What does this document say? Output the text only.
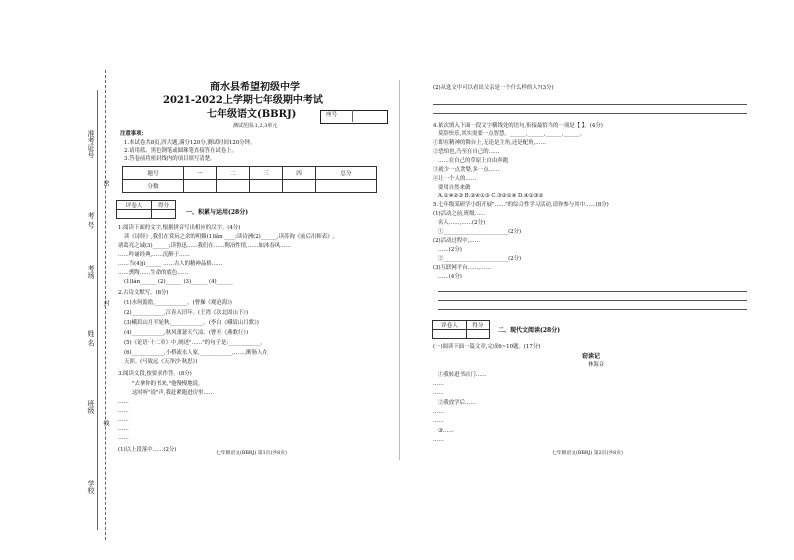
准考证号
考 号
考场
姓 名
班级
学校
密
封
线
商水县希望初级中学
2021-2022上学期七年级期中考试
七年级语文(BBRJ)	座号
测试范围:1,2,3单元
注意事项:
1.本试卷共8页,四大题,满分120分,测试时间120分钟。
2.请用蓝、黑色钢笔或圆珠笔直接答在试卷上。
3.答卷前将密封线内的项目填写清楚。
题号	一	二	三	四	总分
分数					
评卷人	得分

一、积累与运用(28分)
1.阅读下面的文字,根据拼音写出相应的汉字。(4分)
读《诗经》,我们在赏玩之余的明媚(1)lǎn ____;读诗洲(2)______,读苏洵《前后出师表》,
诸葛亮之诚(3)______;读鲁迅……我们在……陶冶性情,……如沐春风……
……吟诵经典,……沉醉于……
……当(4)jì______ ……古人的精神品格……
……熏陶……生命的底色……
(1)lán______ (2)______ (3)______ (4)______
2.古诗文默写。(8分)
(1)水何澹澹,____________。(曹操《观沧海》)
(2)____________,江春入旧年。(王湾《次北固山下》)
(3)峨眉山月半轮秋,____________。(李白《峨眉山月歌》)
(4)____________,秋风萧瑟天气凉。(曹丕《燕歌行》)
(5)《论语·十二章》中,阐述"……"的句子是:____________。
(6)____________,小桥流水人家,____________,……,断肠人在
天涯。(马致远《天净沙·秋思》)
3.阅读文段,按要求作答。(8分)
"去拿你的书来,"他慢慢地说。
这时听"说"声,我赶紧跑进房里……
……
……
……
……
……
(1)以上段落中……(2分)
七年级语文(BBRJ) 第1页(共8页)
(2)从选文中可以看出父亲是一个什么样的人?(3分)
4.依次填入下面一段文字横线处的语句,衔接最恰当的一项是【 】。(4分)
莫辞快乐,其实需要一点智慧。______,______,______,______。
①即在精神的舞台上,无论是主角,还是配角,……
②恐怕也,乃至在自己的……
……在自己的草原上自由奔跑
③就少一点贪婪,多一点……
④让一个人的……
要用自然来做
A.①④②③ B.②④①③ C.③②①④ D.④①③②
5.七年级某研学小组开展"……"的综合性学习活动,请你参与其中……(8分)
(1)活动之前,班级……
名人……,……(2分)
①________________________(2分)
(2)活动过程中,……
……(2分)
②________________________(2分)
(3)互联网平台……,……
……(4分)
评卷人	得分

二、现代文阅读(28分)
(一)阅读下面一篇文章,完成6~10题。(17分)
窃读记
林海音
①我转进书店门……
……
……
②我放学后……
……
……
③……
……
七年级语文(BBRJ) 第2页(共8页)
